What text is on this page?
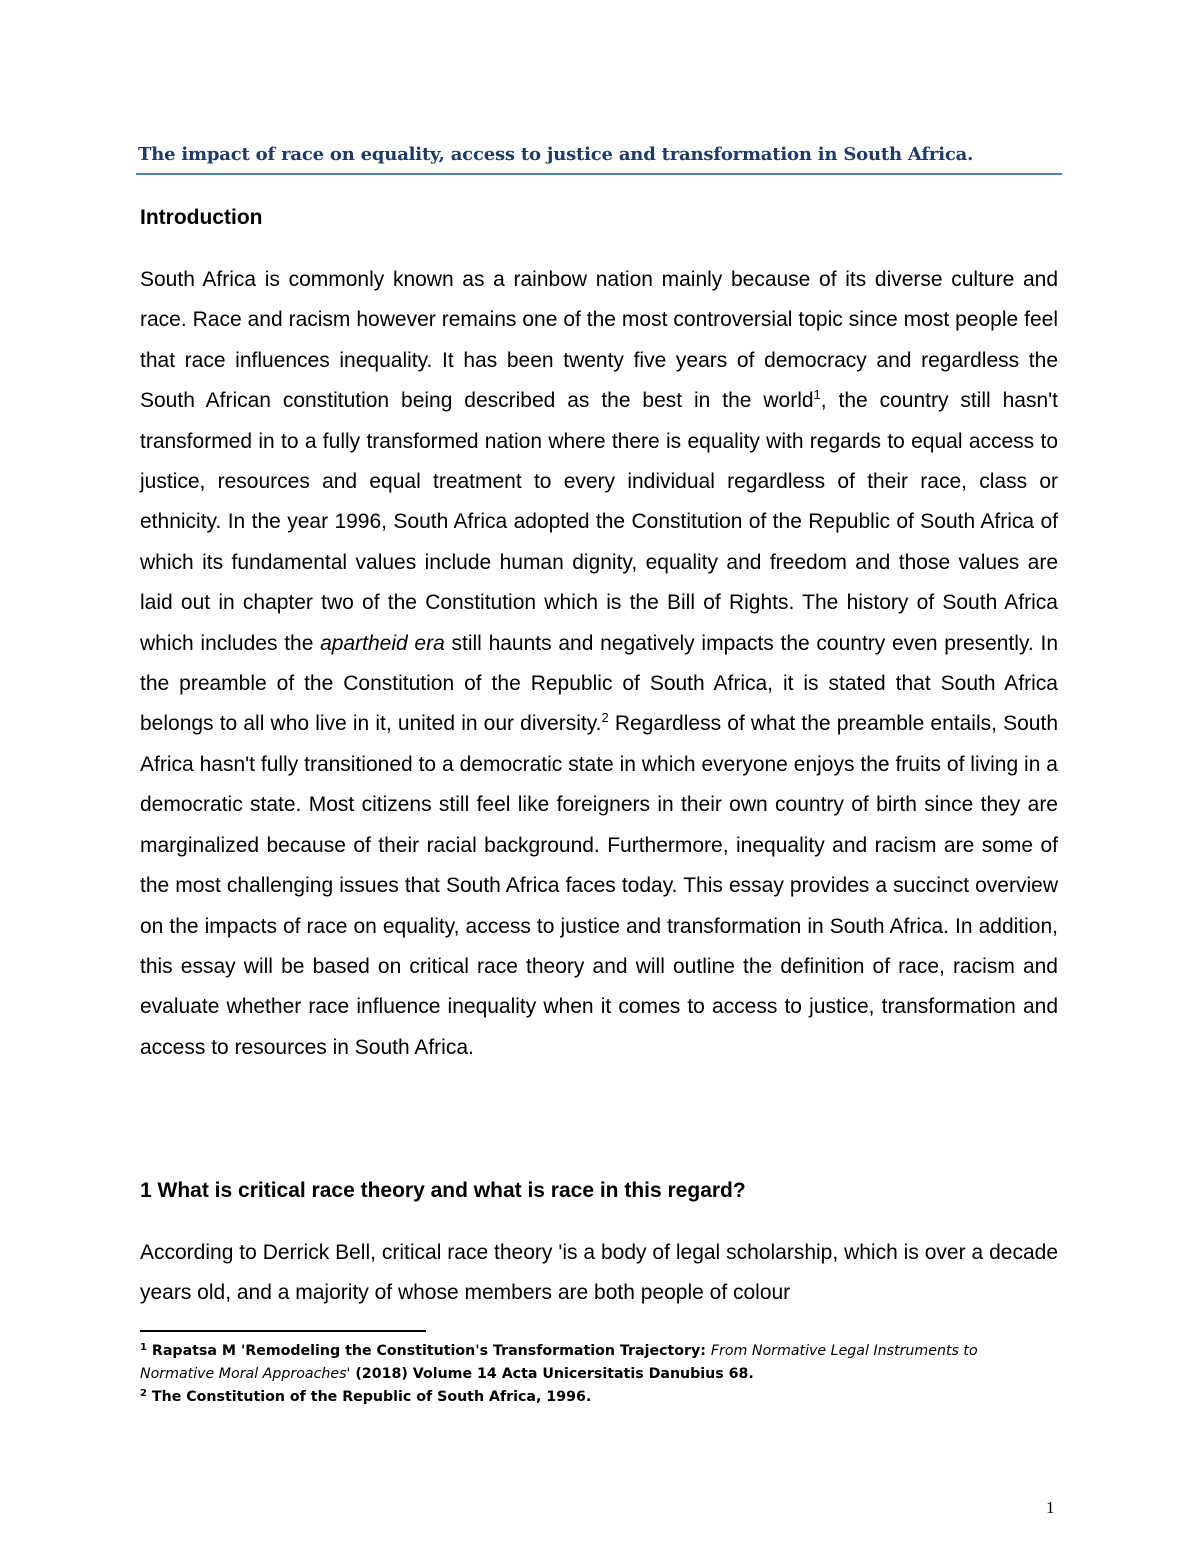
The impact of race on equality, access to justice and transformation in South Africa.
Introduction

South Africa is commonly known as a rainbow nation mainly because of its diverse culture and race. Race and racism however remains one of the most controversial topic since most people feel that race influences inequality. It has been twenty five years of democracy and regardless the South African constitution being described as the best in the world$^1$, the country still hasn't transformed in to a fully transformed nation where there is equality with regards to equal access to justice, resources and equal treatment to every individual regardless of their race, class or ethnicity. In the year 1996, South Africa adopted the Constitution of the Republic of South Africa of which its fundamental values include human dignity, equality and freedom and those values are laid out in chapter two of the Constitution which is the Bill of Rights. The history of South Africa which includes the apartheid era still haunts and negatively impacts the country even presently. In the preamble of the Constitution of the Republic of South Africa, it is stated that South Africa belongs to all who live in it, united in our diversity.$^2$ Regardless of what the preamble entails, South Africa hasn't fully transitioned to a democratic state in which everyone enjoys the fruits of living in a democratic state. Most citizens still feel like foreigners in their own country of birth since they are marginalized because of their racial background. Furthermore, inequality and racism are some of the most challenging issues that South Africa faces today. This essay provides a succinct overview on the impacts of race on equality, access to justice and transformation in South Africa. In addition, this essay will be based on critical race theory and will outline the definition of race, racism and evaluate whether race influence inequality when it comes to access to justice, transformation and access to resources in South Africa.

1 What is critical race theory and what is race in this regard?

According to Derrick Bell, critical race theory 'is a body of legal scholarship, which is over a decade years old, and a majority of whose members are both people of colour

$^1$ Rapatsa M 'Remodeling the Constitution's Transformation Trajectory: From Normative Legal Instruments to Normative Moral Approaches' (2018) Volume 14 Acta Unicersitatis Danubius 68.

$^2$ The Constitution of the Republic of South Africa, 1996.

1
